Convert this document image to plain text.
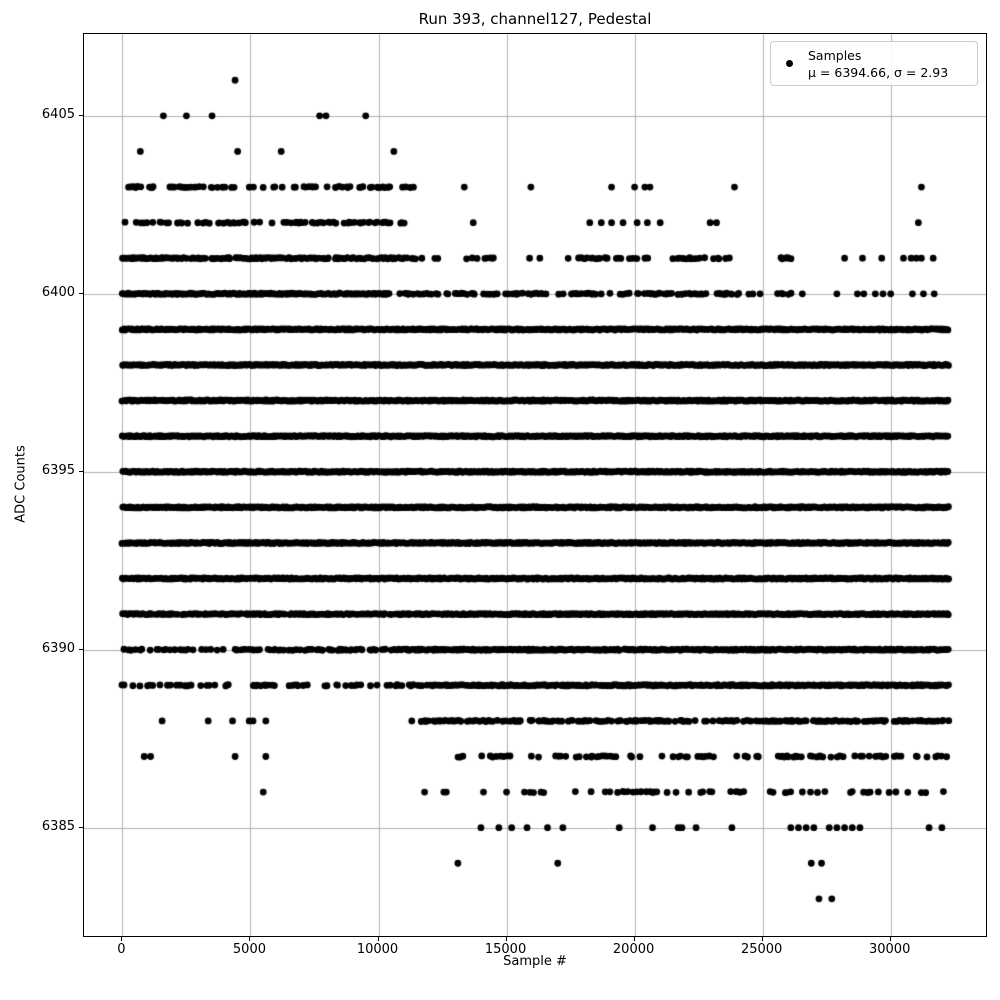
Run 393, channel127, Pedestal
ADC Counts
Samples
μ = 6394.66, σ = 2.93
Sample #
0	5000	10000	15000	20000	25000	30000
6385
6390
6395
6400
6405
